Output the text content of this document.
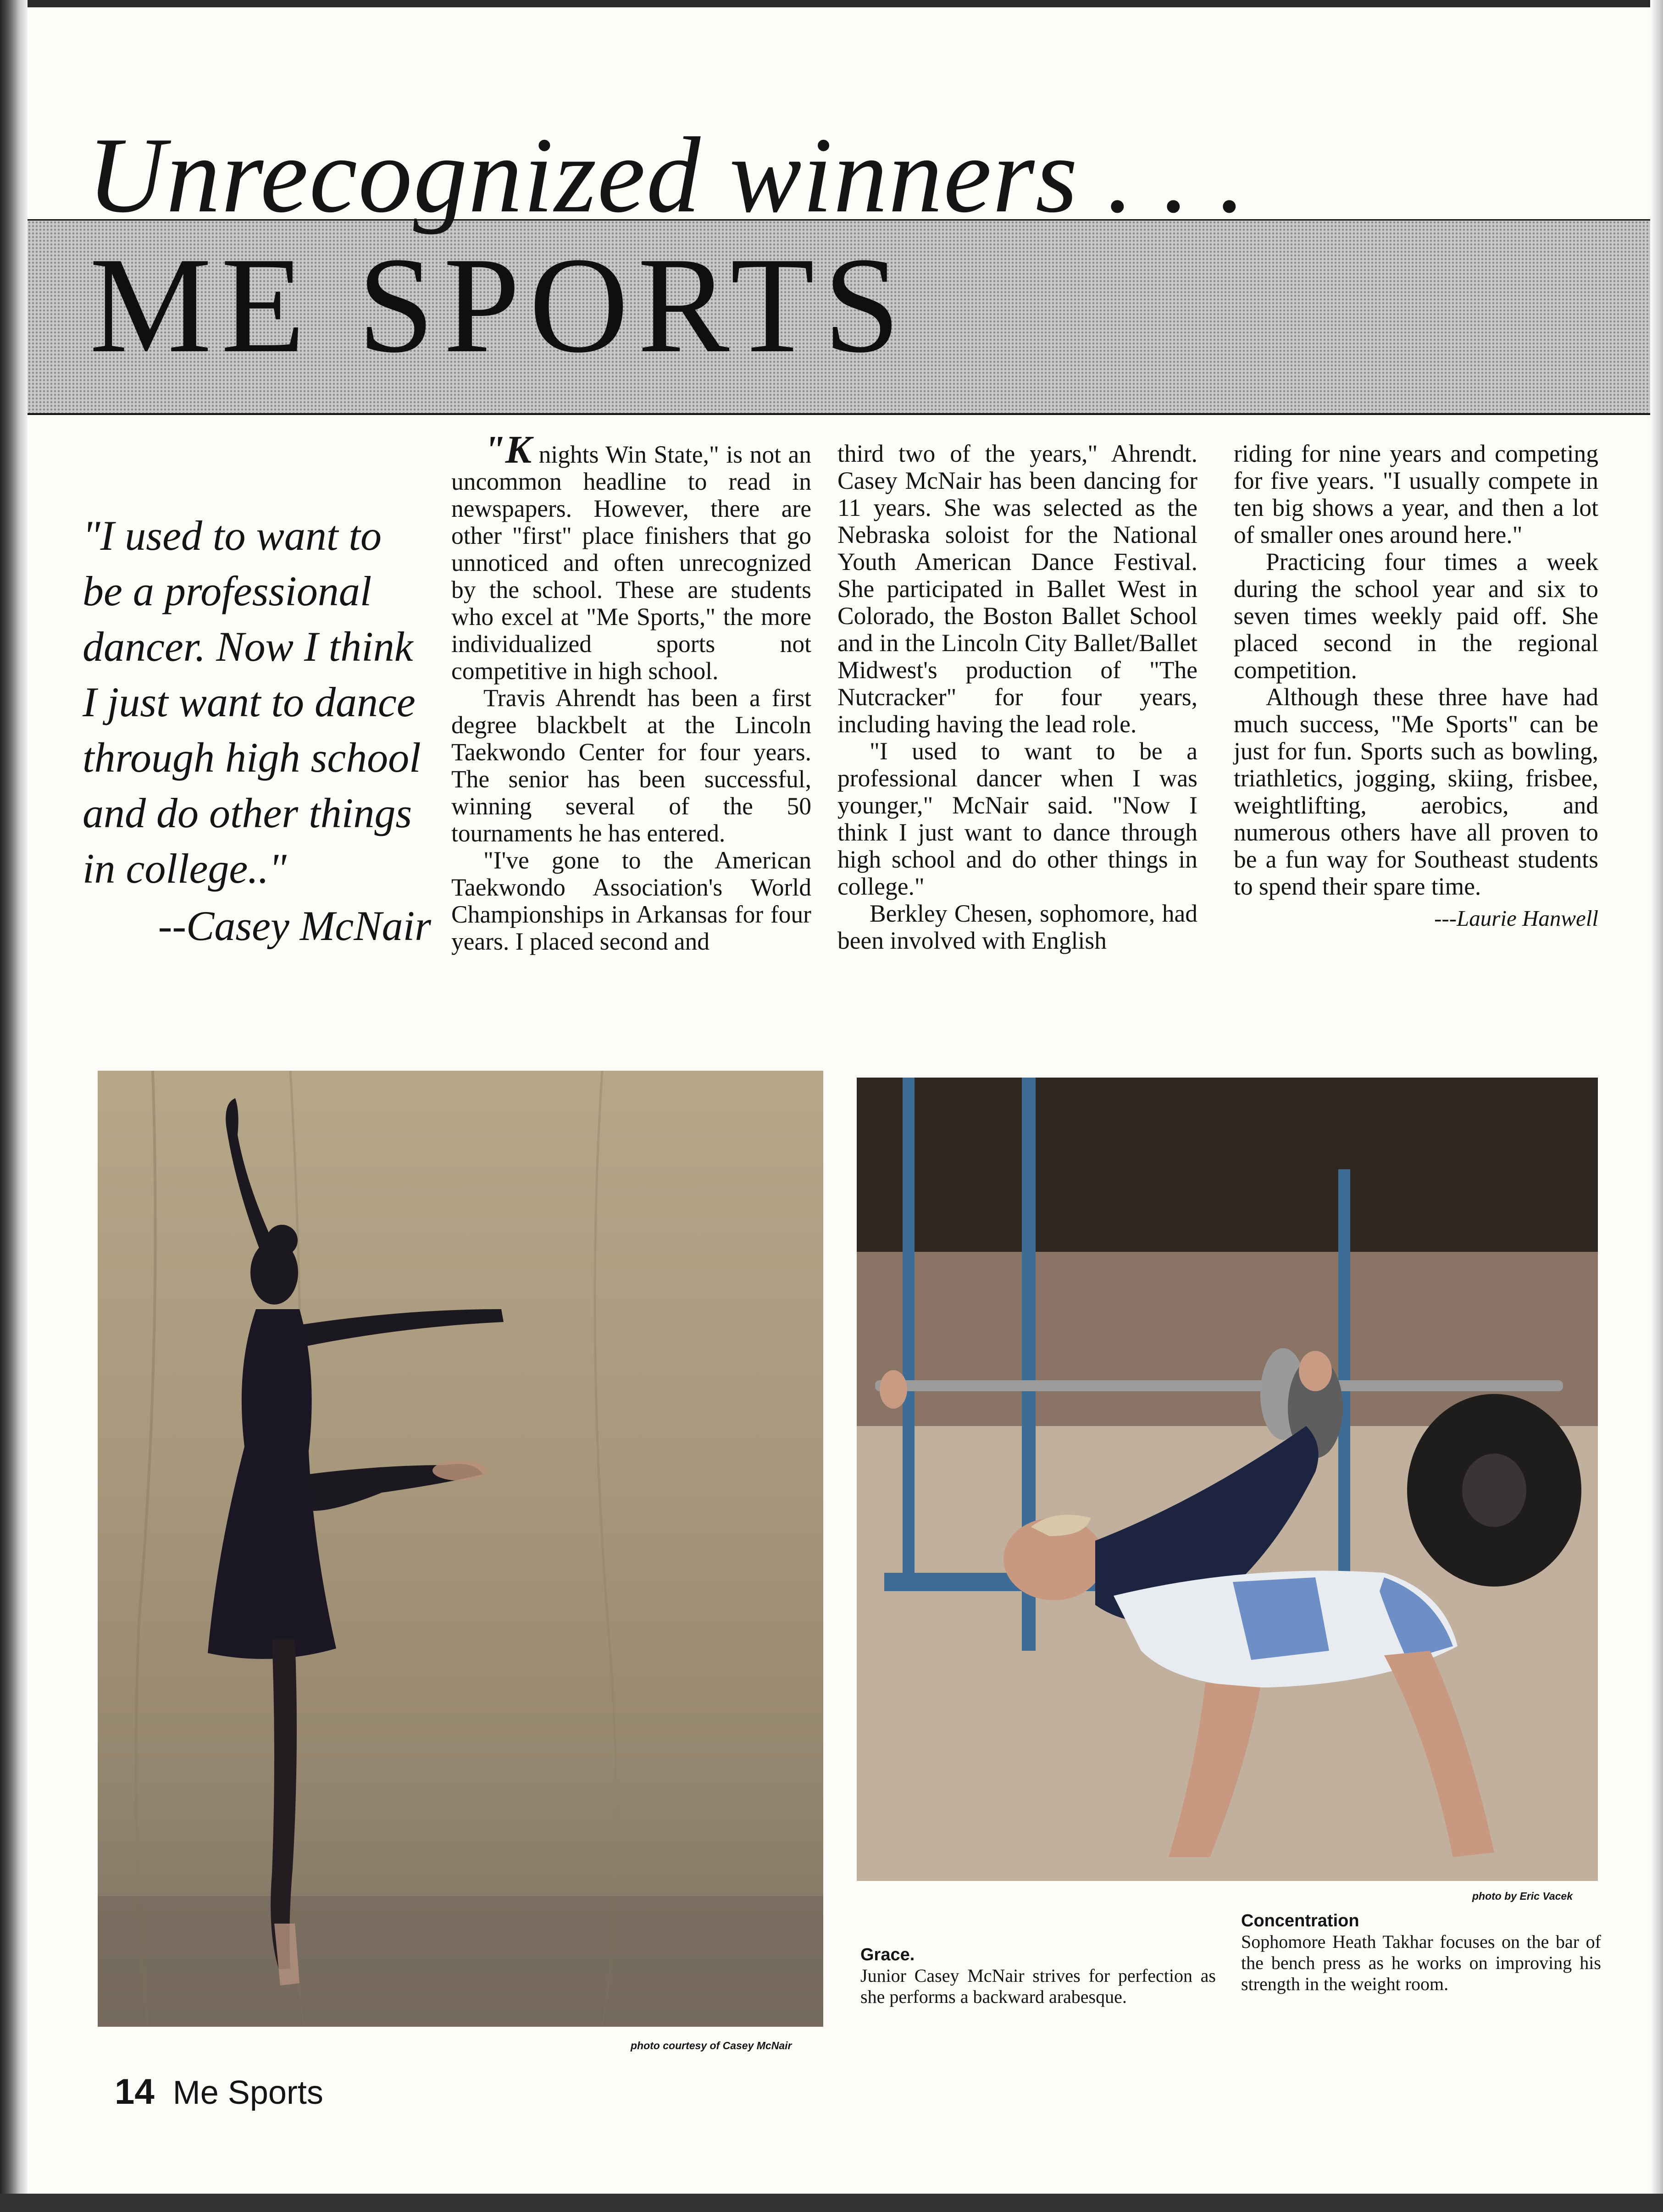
Unrecognized winners . . .
ME SPORTS
"I used to want to be a professional dancer. Now I think I just want to dance through high school and do other things in college.."
--Casey McNair

"K nights Win State," is not an uncommon headline to read in newspapers. However, there are other "first" place finishers that go unnoticed and often unrecognized by the school. These are students who excel at "Me Sports," the more individualized sports not competitive in high school.

Travis Ahrendt has been a first degree blackbelt at the Lincoln Taekwondo Center for four years. The senior has been successful, winning several of the 50 tournaments he has entered.

"I've gone to the American Taekwondo Association's World Championships in Arkansas for four years. I placed second and

third two of the years," Ahrendt. Casey McNair has been dancing for 11 years. She was selected as the Nebraska soloist for the National Youth American Dance Festival. She participated in Ballet West in Colorado, the Boston Ballet School and in the Lincoln City Ballet/Ballet Midwest's production of "The Nutcracker" for four years, including having the lead role.

"I used to want to be a professional dancer when I was younger," McNair said. "Now I think I just want to dance through high school and do other things in college."

Berkley Chesen, sophomore, had been involved with English

riding for nine years and competing for five years. "I usually compete in ten big shows a year, and then a lot of smaller ones around here."

Practicing four times a week during the school year and six to seven times weekly paid off. She placed second in the regional competition.

Although these three have had much success, "Me Sports" can be just for fun. Sports such as bowling, triathletics, jogging, skiing, frisbee, weightlifting, aerobics, and numerous others have all proven to be a fun way for Southeast students to spend their spare time.

---Laurie Hanwell
photo courtesy of Casey McNair
photo by Eric Vacek
Grace.
Junior Casey McNair strives for perfection as she performs a backward arabesque.
Concentration
Sophomore Heath Takhar focuses on the bar of the bench press as he works on improving his strength in the weight room.
14 Me Sports
